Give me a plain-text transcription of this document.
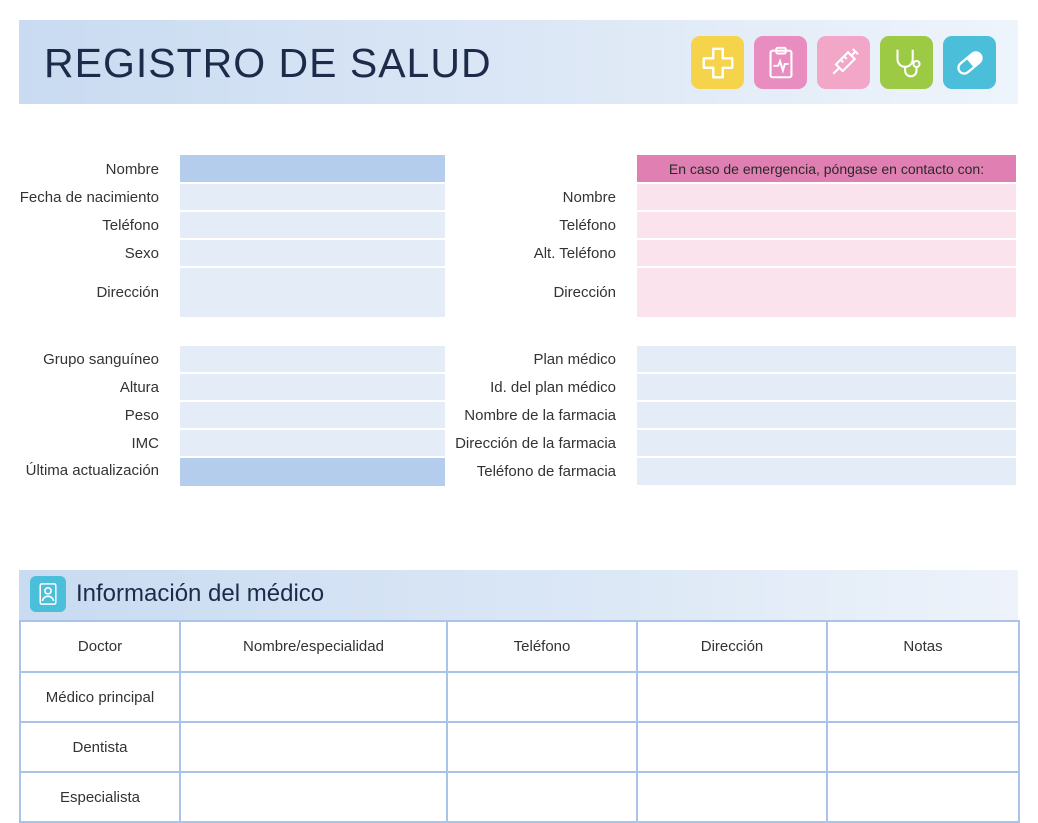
REGISTRO DE SALUD
Nombre
Fecha de nacimiento
Teléfono
Sexo
Dirección
En caso de emergencia, póngase en contacto con:
Nombre
Teléfono
Alt. Teléfono
Dirección
Grupo sanguíneo
Altura
Peso
IMC
Última actualización
Plan médico
Id. del plan médico
Nombre de la farmacia
Dirección de la farmacia
Teléfono de farmacia
Información del médico
Doctor	Nombre/especialidad	Teléfono	Dirección	Notas
Médico principal				
Dentista				
Especialista				
